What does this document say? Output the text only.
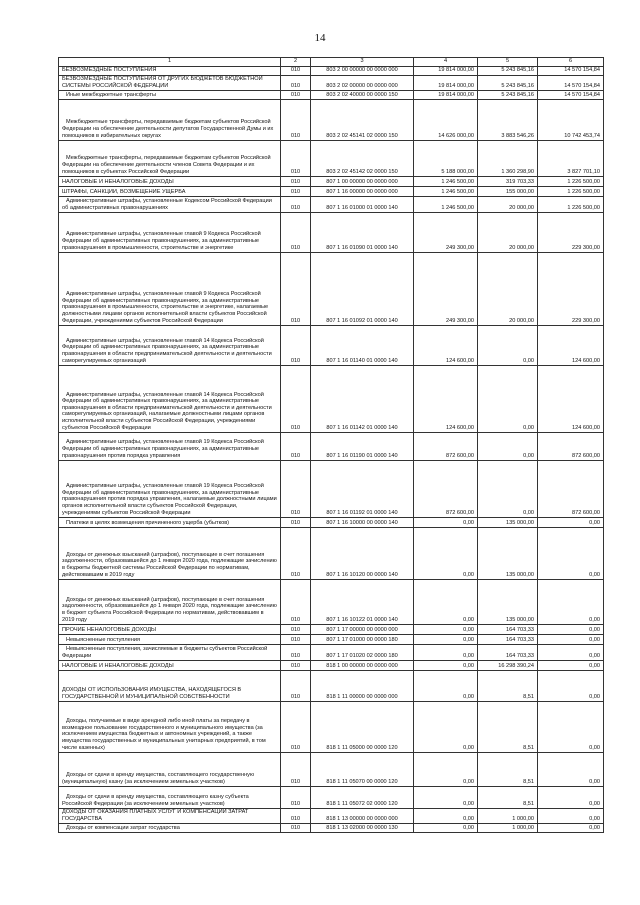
14
1	2	3	4	5	6
БЕЗВОЗМЕЗДНЫЕ ПОСТУПЛЕНИЯ	010	803 2 00 00000 00 0000 000	19 814 000,00	5 243 845,16	14 570 154,84
БЕЗВОЗМЕЗДНЫЕ ПОСТУПЛЕНИЯ ОТ ДРУГИХ БЮДЖЕТОВ БЮДЖЕТНОЙ СИСТЕМЫ РОССИЙСКОЙ ФЕДЕРАЦИИ	010	803 2 02 00000 00 0000 000	19 814 000,00	5 243 845,16	14 570 154,84
Иные межбюджетные трансферты	010	803 2 02 40000 00 0000 150	19 814 000,00	5 243 845,16	14 570 154,84
Межбюджетные трансферты, передаваемые бюджетам субъектов Российской Федерации на обеспечение деятельности депутатов Государственной Думы и их помощников в избирательных округах	010	803 2 02 45141 02 0000 150	14 626 000,00	3 883 546,26	10 742 453,74
Межбюджетные трансферты, передаваемые бюджетам субъектов Российской Федерации на обеспечение деятельности членов Совета Федерации и их помощников в субъектах Российской Федерации	010	803 2 02 45142 02 0000 150	5 188 000,00	1 360 298,90	3 827 701,10
НАЛОГОВЫЕ И НЕНАЛОГОВЫЕ ДОХОДЫ	010	807 1 00 00000 00 0000 000	1 246 500,00	319 703,33	1 226 500,00
ШТРАФЫ, САНКЦИИ, ВОЗМЕЩЕНИЕ УЩЕРБА	010	807 1 16 00000 00 0000 000	1 246 500,00	155 000,00	1 226 500,00
Административные штрафы, установленные Кодексом Российской Федерации об административных правонарушениях	010	807 1 16 01000 01 0000 140	1 246 500,00	20 000,00	1 226 500,00
Административные штрафы, установленные главой 9 Кодекса Российской Федерации об административных правонарушениях, за административные правонарушения в промышленности, строительстве и энергетике	010	807 1 16 01090 01 0000 140	249 300,00	20 000,00	229 300,00
Административные штрафы, установленные главой 9 Кодекса Российской Федерации об административных правонарушениях, за административные правонарушения в промышленности, строительстве и энергетике, налагаемые должностными лицами органов исполнительной власти субъектов Российской Федерации, учреждениями субъектов Российской Федерации	010	807 1 16 01092 01 0000 140	249 300,00	20 000,00	229 300,00
Административные штрафы, установленные главой 14 Кодекса Российской Федерации об административных правонарушениях, за административные правонарушения в области предпринимательской деятельности и деятельности саморегулируемых организаций	010	807 1 16 01140 01 0000 140	124 600,00	0,00	124 600,00
Административные штрафы, установленные главой 14 Кодекса Российской Федерации об административных правонарушениях, за административные правонарушения в области предпринимательской деятельности и деятельности саморегулируемых организаций, налагаемые должностными лицами органов исполнительной власти субъектов Российской Федерации, учреждениями субъектов Российской Федерации	010	807 1 16 01142 01 0000 140	124 600,00	0,00	124 600,00
Административные штрафы, установленные главой 19 Кодекса Российской Федерации об административных правонарушениях, за административные правонарушения против порядка управления	010	807 1 16 01190 01 0000 140	872 600,00	0,00	872 600,00
Административные штрафы, установленные главой 19 Кодекса Российской Федерации об административных правонарушениях, за административные правонарушения против порядка управления, налагаемые должностными лицами органов исполнительной власти субъектов Российской Федерации, учреждениями субъектов Российской Федерации	010	807 1 16 01192 01 0000 140	872 600,00	0,00	872 600,00
Платежи в целях возмещения причиненного ущерба (убытков)	010	807 1 16 10000 00 0000 140	0,00	135 000,00	0,00
Доходы от денежных взысканий (штрафов), поступающие в счет погашения задолженности, образовавшейся до 1 января 2020 года, подлежащие зачислению в бюджеты бюджетной системы Российской Федерации по нормативам, действовавшим в 2019 году	010	807 1 16 10120 00 0000 140	0,00	135 000,00	0,00
Доходы от денежных взысканий (штрафов), поступающие в счет погашения задолженности, образовавшейся до 1 января 2020 года, подлежащие зачислению в бюджет субъекта Российской Федерации по нормативам, действовавшим в 2019 году	010	807 1 16 10122 01 0000 140	0,00	135 000,00	0,00
ПРОЧИЕ НЕНАЛОГОВЫЕ ДОХОДЫ	010	807 1 17 00000 00 0000 000	0,00	164 703,33	0,00
Невыясненные поступления	010	807 1 17 01000 00 0000 180	0,00	164 703,33	0,00
Невыясненные поступления, зачисляемые в бюджеты субъектов Российской Федерации	010	807 1 17 01020 02 0000 180	0,00	164 703,33	0,00
НАЛОГОВЫЕ И НЕНАЛОГОВЫЕ ДОХОДЫ	010	818 1 00 00000 00 0000 000	0,00	16 298 390,24	0,00
ДОХОДЫ ОТ ИСПОЛЬЗОВАНИЯ ИМУЩЕСТВА, НАХОДЯЩЕГОСЯ В ГОСУДАРСТВЕННОЙ И МУНИЦИПАЛЬНОЙ СОБСТВЕННОСТИ	010	818 1 11 00000 00 0000 000	0,00	8,51	0,00
Доходы, получаемые в виде арендной либо иной платы за передачу в возмездное пользование государственного и муниципального имущества (за исключением имущества бюджетных и автономных учреждений, а также имущества государственных и муниципальных унитарных предприятий, в том числе казенных)	010	818 1 11 05000 00 0000 120	0,00	8,51	0,00
Доходы от сдачи в аренду имущества, составляющего государственную (муниципальную) казну (за исключением земельных участков)	010	818 1 11 05070 00 0000 120	0,00	8,51	0,00
Доходы от сдачи в аренду имущества, составляющего казну субъекта Российской Федерации (за исключением земельных участков)	010	818 1 11 05072 02 0000 120	0,00	8,51	0,00
ДОХОДЫ ОТ ОКАЗАНИЯ ПЛАТНЫХ УСЛУГ И КОМПЕНСАЦИИ ЗАТРАТ ГОСУДАРСТВА	010	818 1 13 00000 00 0000 000	0,00	1 000,00	0,00
Доходы от компенсации затрат государства	010	818 1 13 02000 00 0000 130	0,00	1 000,00	0,00
